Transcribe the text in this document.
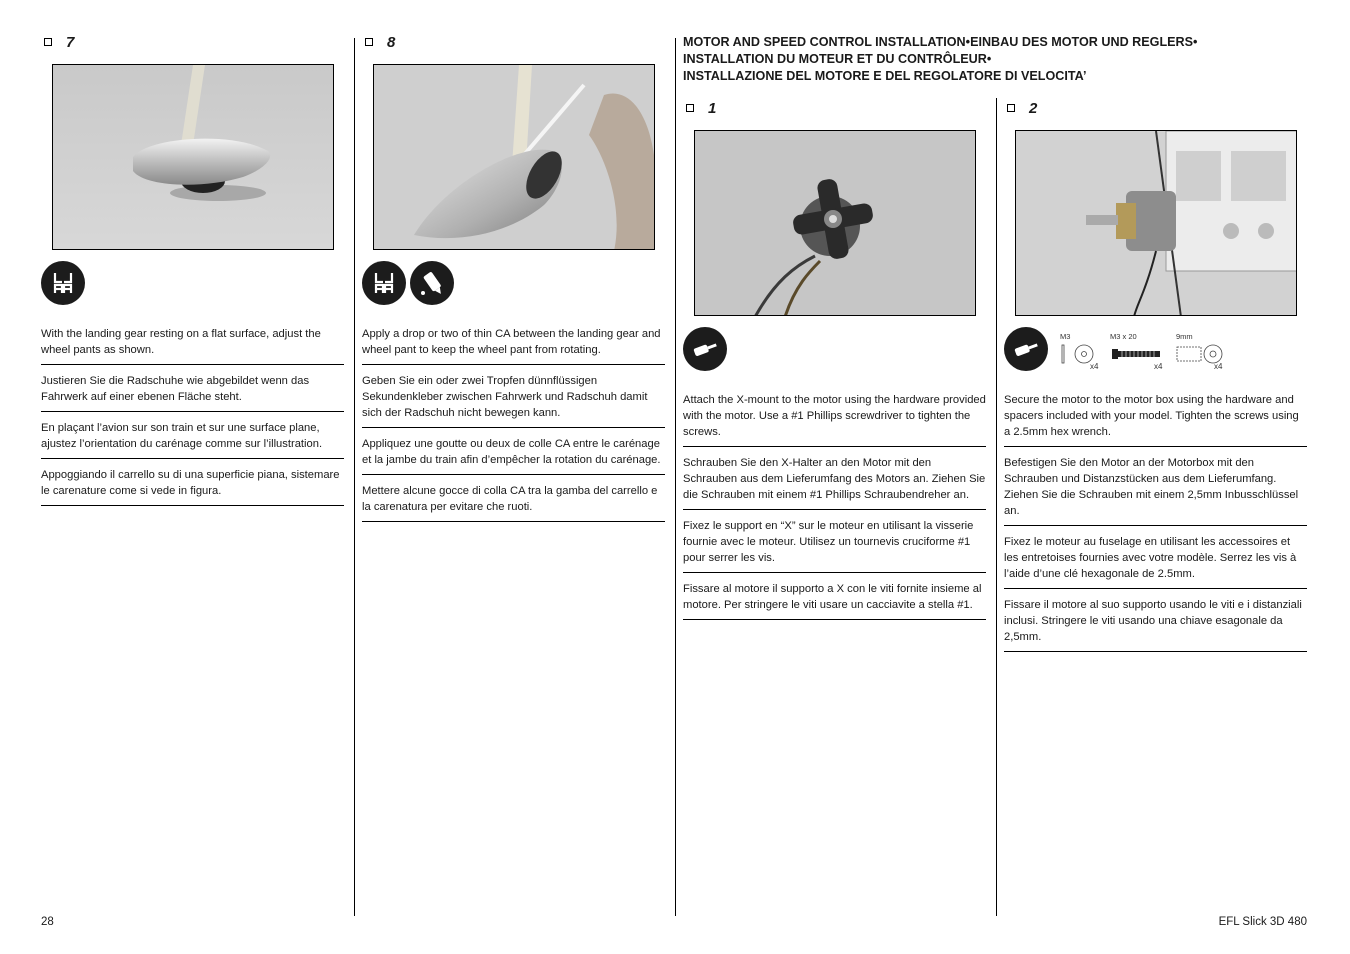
7

With the landing gear resting on a flat surface, adjust the wheel pants as shown.

Justieren Sie die Radschuhe wie abgebildet wenn das Fahrwerk auf einer ebenen Fläche steht.

En plaçant l’avion sur son train et sur une surface plane, ajustez l’orientation du carénage comme sur l’illustration.

Appoggiando il carrello su di una superficie piana, sistemare le carenature come si vede in figura.

8

Apply a drop or two of thin CA between the landing gear and wheel pant to keep the wheel pant from rotating.

Geben Sie ein oder zwei Tropfen dünnflüssigen Sekundenkleber zwischen Fahrwerk und Radschuh damit sich der Radschuh nicht bewegen kann.

Appliquez une goutte ou deux de colle CA entre le carénage et la jambe du train afin d’empêcher la rotation du carénage.

Mettere alcune gocce di colla CA tra la gamba del carrello e la carenatura per evitare che ruoti.

MOTOR AND SPEED CONTROL INSTALLATION•EINBAU DES MOTOR UND REGLERS•
INSTALLATION DU MOTEUR ET DU CONTRÔLEUR•
INSTALLAZIONE DEL MOTORE E DEL REGOLATORE DI VELOCITA’
1

Attach the X-mount to the motor using the hardware provided with the motor. Use a #1 Phillips screwdriver to tighten the screws.

Schrauben Sie den X-Halter an den Motor mit den Schrauben aus dem Lieferumfang des Motors an. Ziehen Sie die Schrauben mit einem #1 Phillips Schraubendreher an.

Fixez le support en “X” sur le moteur en utilisant la visserie fournie avec le moteur. Utilisez un tournevis cruciforme #1 pour serrer les vis.

Fissare al motore il supporto a X con le viti fornite insieme al motore. Per stringere le viti usare un cacciavite a stella #1.

2
M3
x4
M3 x 20
x4
9mm
x4

Secure the motor to the motor box using the hardware and spacers included with your model. Tighten the screws using a 2.5mm hex wrench.

Befestigen Sie den Motor an der Motorbox mit den Schrauben und Distanzstücken aus dem Lieferumfang. Ziehen Sie die Schrauben mit einem 2,5mm Inbusschlüssel an.

Fixez le moteur au fuselage en utilisant les accessoires et les entretoises fournies avec votre modèle. Serrez les vis à l’aide d’une clé hexagonale de 2.5mm.

Fissare il motore al suo supporto usando le viti e i distanziali inclusi. Stringere le viti usando una chiave esagonale da 2,5mm.

28	EFL Slick 3D 480
